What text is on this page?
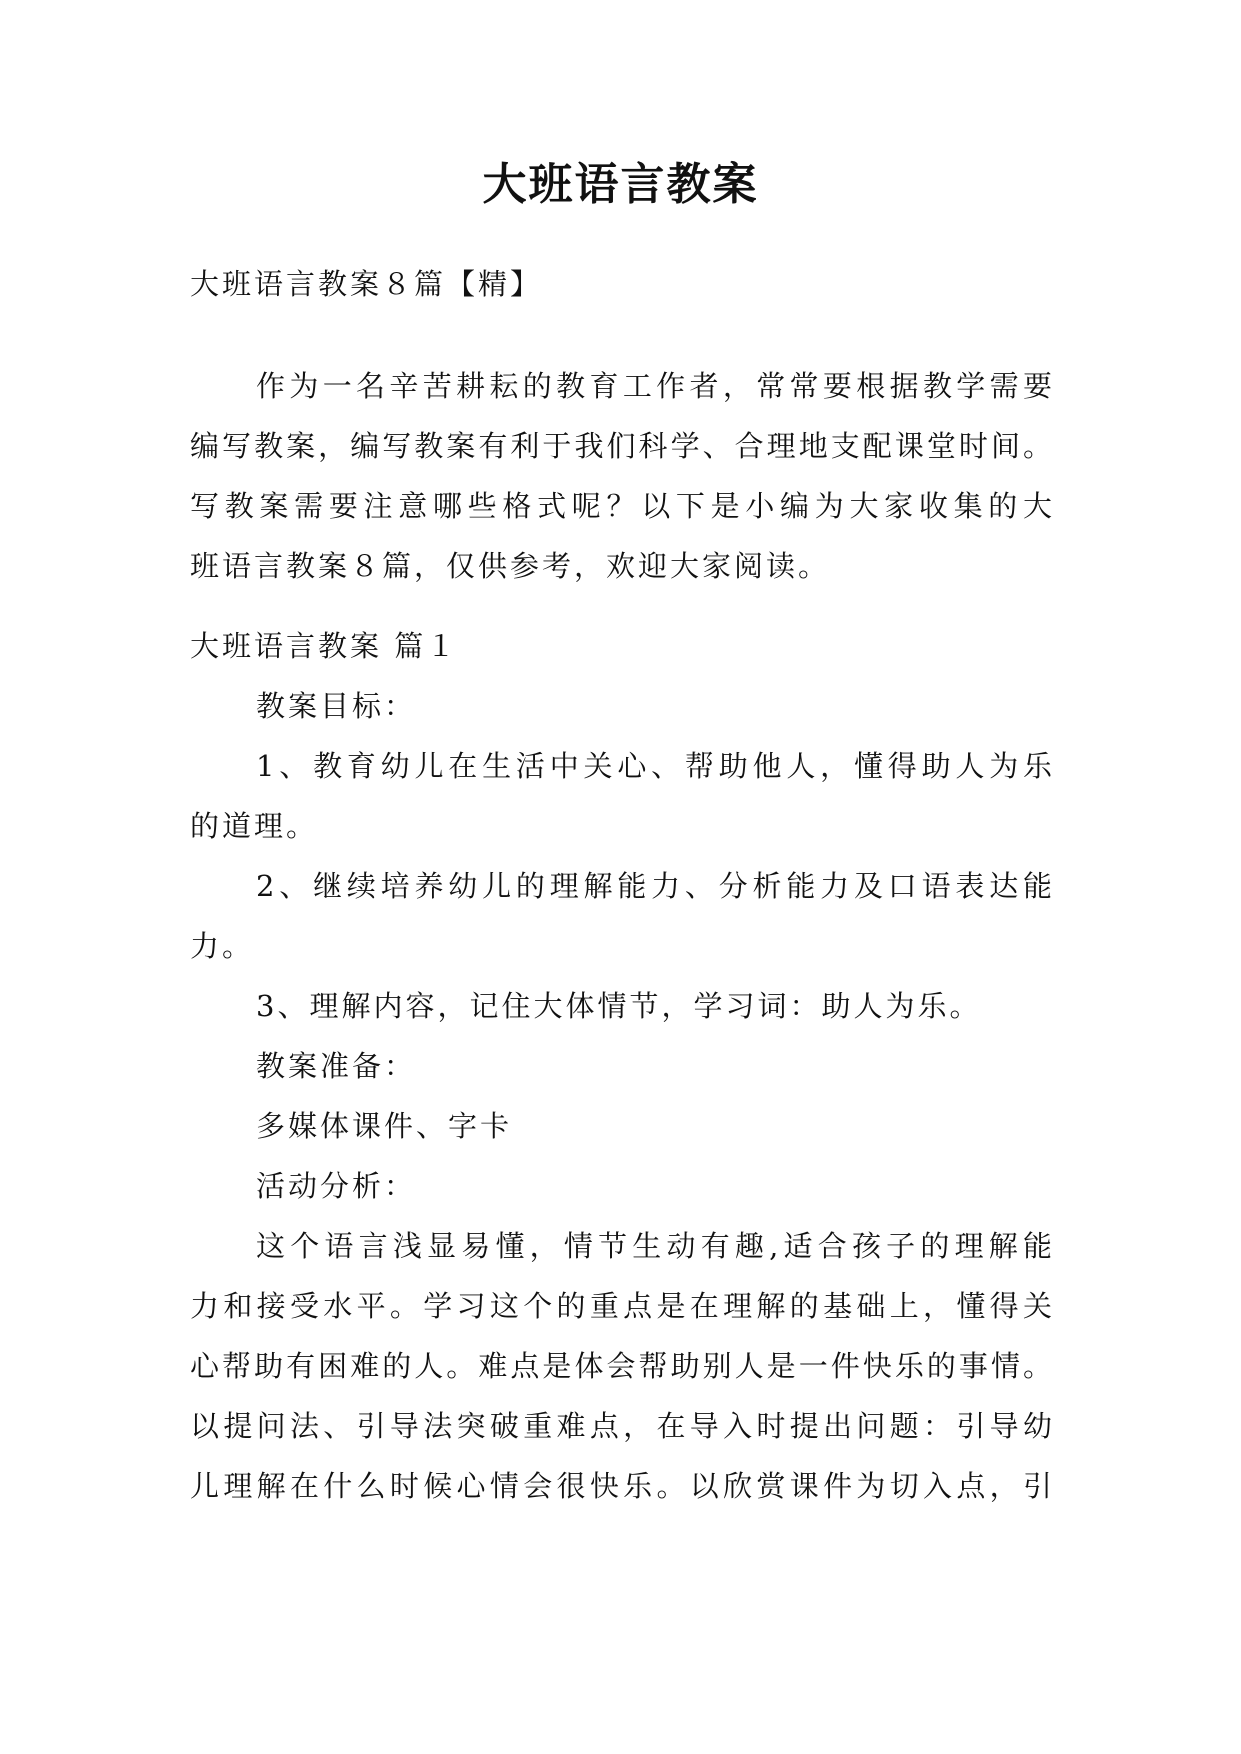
大班语言教案
大班语言教案８篇【精】
作为一名辛苦耕耘的教育工作者，常常要根据教学需要
编写教案，编写教案有利于我们科学、合理地支配课堂时间。
写教案需要注意哪些格式呢？以下是小编为大家收集的大
班语言教案８篇，仅供参考，欢迎大家阅读。
大班语言教案 篇１
教案目标：
1、教育幼儿在生活中关心、帮助他人，懂得助人为乐
的道理。
2、继续培养幼儿的理解能力、分析能力及口语表达能
力。
3、理解内容，记住大体情节，学习词：助人为乐。
教案准备：
多媒体课件、字卡
活动分析：
这个语言浅显易懂，情节生动有趣,适合孩子的理解能
力和接受水平。学习这个的重点是在理解的基础上，懂得关
心帮助有困难的人。难点是体会帮助别人是一件快乐的事情。
以提问法、引导法突破重难点，在导入时提出问题：引导幼
儿理解在什么时候心情会很快乐。以欣赏课件为切入点，引
